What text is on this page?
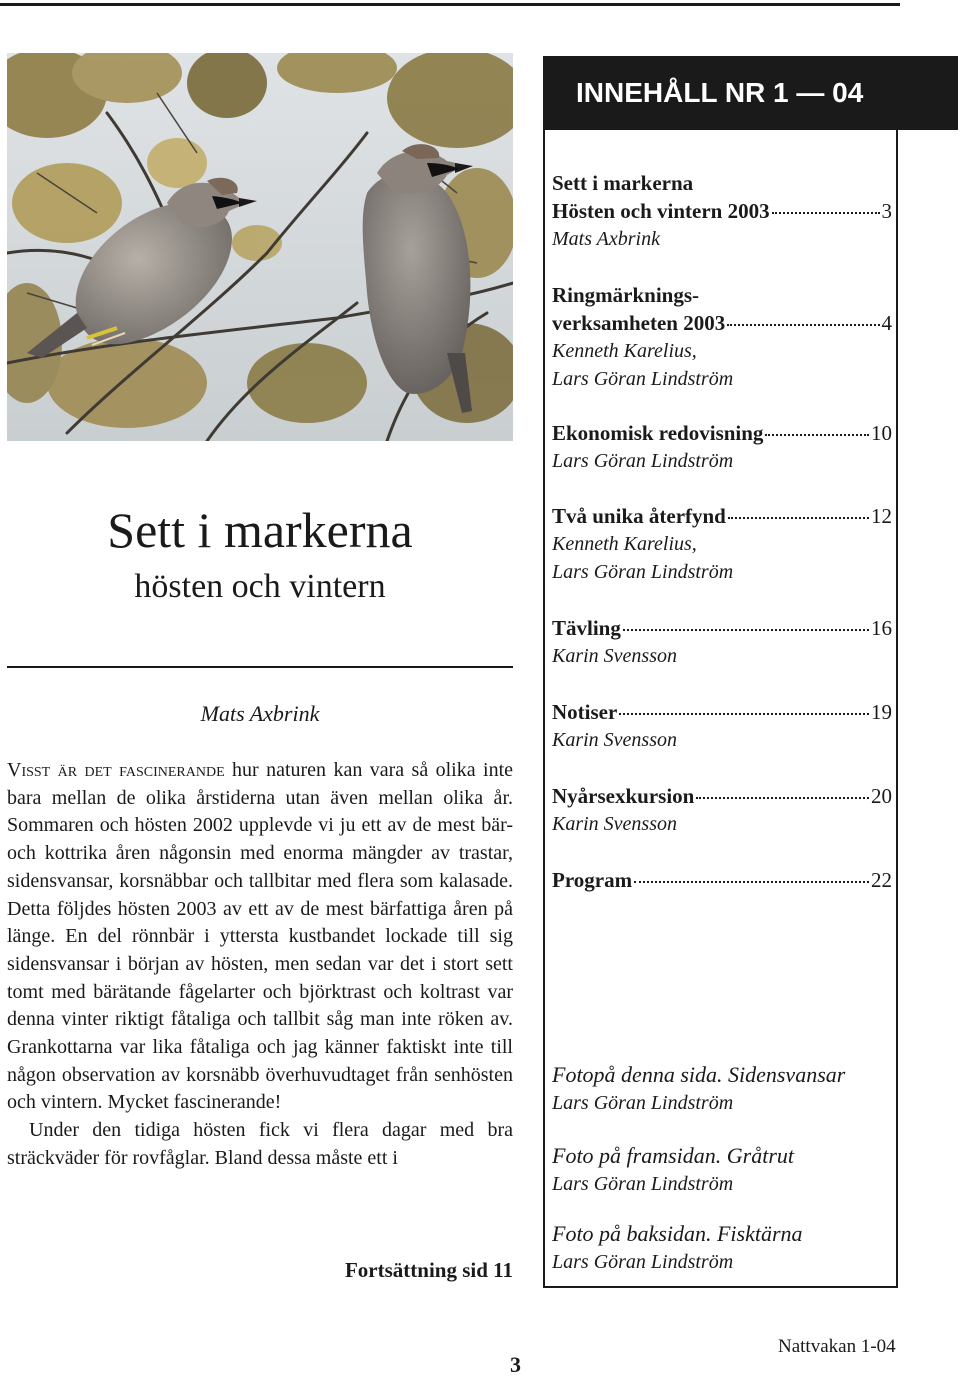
Sett i markerna
hösten och vintern
Mats Axbrink

Visst är det fascinerande hur naturen kan vara så olika inte bara mellan de olika årstiderna utan även mellan olika år. Sommaren och hösten 2002 upplevde vi ju ett av de mest bär- och kottrika åren någonsin med enorma mängder av trastar, sidensvansar, korsnäbbar och tallbitar med flera som kalasade. Detta följdes hösten 2003 av ett av de mest bärfattiga åren på länge. En del rönnbär i yttersta kustbandet lockade till sig sidensvansar i början av hösten, men sedan var det i stort sett tomt med bärätande fågelarter och björktrast och koltrast var denna vinter riktigt fåtaliga och tallbit såg man inte röken av. Grankottarna var lika fåtaliga och jag känner faktiskt inte till någon observation av korsnäbb överhuvudtaget från senhösten och vintern. Mycket fascinerande!

Under den tidiga hösten fick vi flera dagar med bra sträckväder för rovfåglar. Bland dessa måste ett i

Fortsättning sid 11
INNEHÅLL NR 1 — 04
Sett i markerna
Hösten och vintern 2003	3
Mats Axbrink
Ringmärknings-
verksamheten 2003	4
Kenneth Karelius,
Lars Göran Lindström
Ekonomisk redovisning	10
Lars Göran Lindström
Två unika återfynd	12
Kenneth Karelius,
Lars Göran Lindström
Tävling	16
Karin Svensson
Notiser	19
Karin Svensson
Nyårsexkursion	20
Karin Svensson
Program	22
Fotopå denna sida. Sidensvansar
Lars Göran Lindström
Foto på framsidan. Gråtrut
Lars Göran Lindström
Foto på baksidan. Fisktärna
Lars Göran Lindström
3
Nattvakan 1-04
